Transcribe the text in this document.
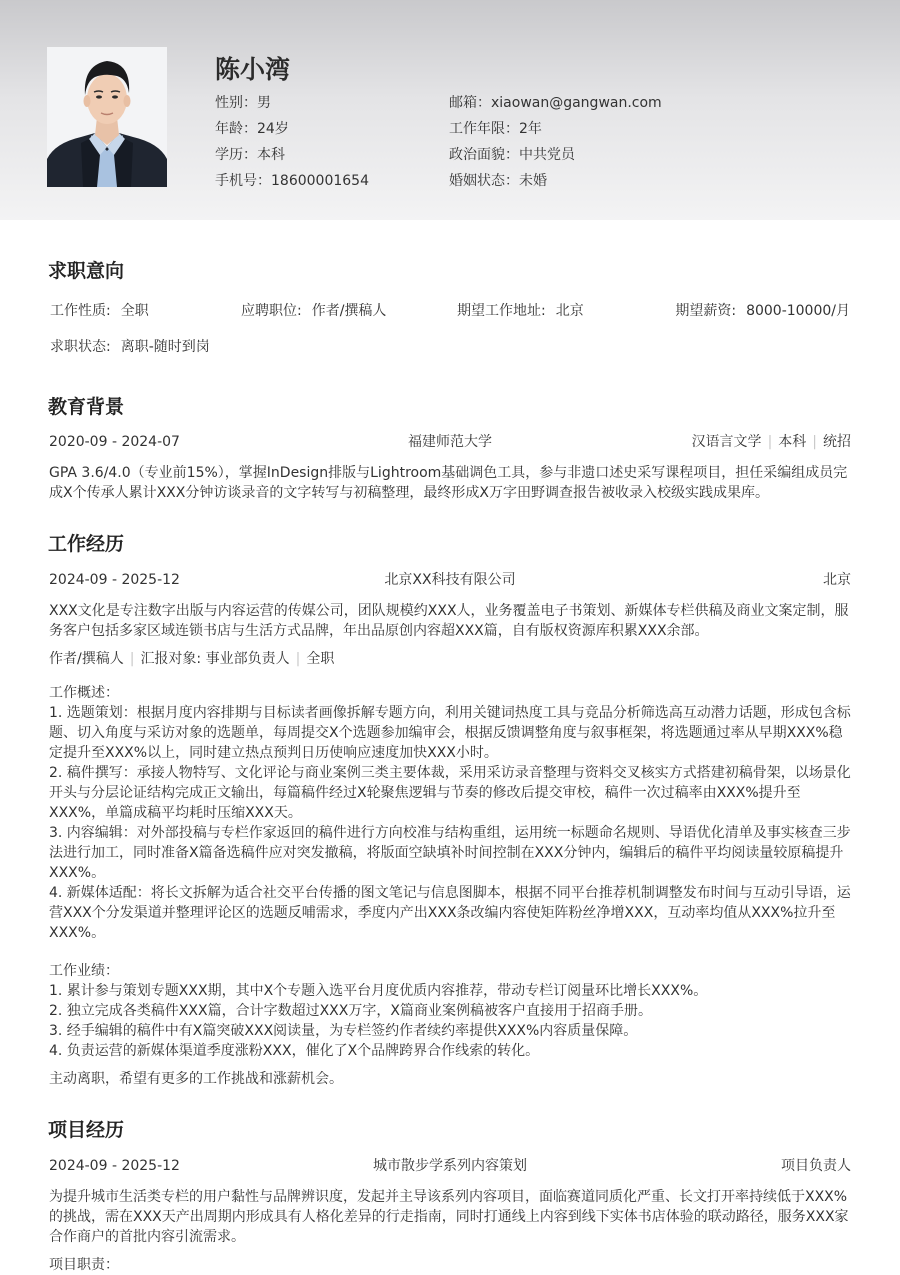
陈小湾
性别：男
年龄：24岁
学历：本科
手机号：18600001654
邮箱：xiaowan@gangwan.com
工作年限：2年
政治面貌：中共党员
婚姻状态：未婚
求职意向
工作性质: 全职	应聘职位: 作者/撰稿人	期望工作地址: 北京	期望薪资: 8000-10000/月
求职状态: 离职-随时到岗
教育背景
2020-09 - 2024-07	福建师范大学	汉语言文学 | 本科 | 统招

GPA 3.6/4.0（专业前15%），掌握InDesign排版与Lightroom基础调色工具，参与非遗口述史采写课程项目，担任采编组成员完成X个传承人累计XXX分钟访谈录音的文字转写与初稿整理，最终形成X万字田野调查报告被收录入校级实践成果库。

工作经历
2024-09 - 2025-12	北京XX科技有限公司	北京

XXX文化是专注数字出版与内容运营的传媒公司，团队规模约XXX人，业务覆盖电子书策划、新媒体专栏供稿及商业文案定制，服务客户包括多家区域连锁书店与生活方式品牌，年出品原创内容超XXX篇，自有版权资源库积累XXX余部。

作者/撰稿人 | 汇报对象: 事业部负责人 | 全职

工作概述：

1. 选题策划：根据月度内容排期与目标读者画像拆解专题方向，利用关键词热度工具与竞品分析筛选高互动潜力话题，形成包含标题、切入角度与采访对象的选题单，每周提交X个选题参加编审会，根据反馈调整角度与叙事框架，将选题通过率从早期XXX%稳定提升至XXX%以上，同时建立热点预判日历使响应速度加快XXX小时。

2. 稿件撰写：承接人物特写、文化评论与商业案例三类主要体裁，采用采访录音整理与资料交叉核实方式搭建初稿骨架，以场景化开头与分层论证结构完成正文输出，每篇稿件经过X轮聚焦逻辑与节奏的修改后提交审校，稿件一次过稿率由XXX%提升至XXX%，单篇成稿平均耗时压缩XXX天。

3. 内容编辑：对外部投稿与专栏作家返回的稿件进行方向校准与结构重组，运用统一标题命名规则、导语优化清单及事实核查三步法进行加工，同时准备X篇备选稿件应对突发撤稿，将版面空缺填补时间控制在XXX分钟内，编辑后的稿件平均阅读量较原稿提升XXX%。

4. 新媒体适配：将长文拆解为适合社交平台传播的图文笔记与信息图脚本，根据不同平台推荐机制调整发布时间与互动引导语，运营XXX个分发渠道并整理评论区的选题反哺需求，季度内产出XXX条改编内容使矩阵粉丝净增XXX，互动率均值从XXX%拉升至XXX%。

工作业绩：

1. 累计参与策划专题XXX期，其中X个专题入选平台月度优质内容推荐，带动专栏订阅量环比增长XXX%。

2. 独立完成各类稿件XXX篇，合计字数超过XXX万字，X篇商业案例稿被客户直接用于招商手册。

3. 经手编辑的稿件中有X篇突破XXX阅读量，为专栏签约作者续约率提供XXX%内容质量保障。

4. 负责运营的新媒体渠道季度涨粉XXX，催化了X个品牌跨界合作线索的转化。

主动离职，希望有更多的工作挑战和涨薪机会。

项目经历
2024-09 - 2025-12	城市散步学系列内容策划	项目负责人

为提升城市生活类专栏的用户黏性与品牌辨识度，发起并主导该系列内容项目，面临赛道同质化严重、长文打开率持续低于XXX%的挑战，需在XXX天产出周期内形成具有人格化差异的行走指南，同时打通线上内容到线下实体书店体验的联动路径，服务XXX家合作商户的首批内容引流需求。

项目职责：
